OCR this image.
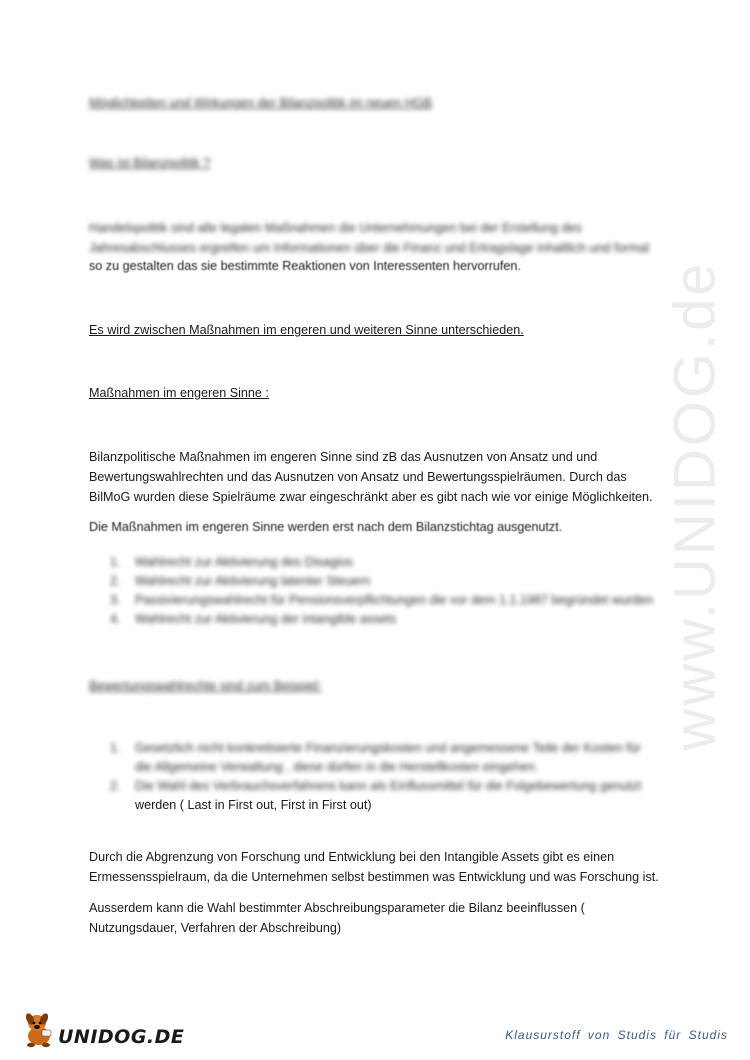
Möglichkeiten und Wirkungen der Bilanzpolitik im neuen HGB

Was ist Bilanzpolitik ?

Handelspolitik sind alle legalen Maßnahmen die Unternehmungen bei der Erstellung des

Jahresabschlusses ergreifen um Informationen über die Finanz und Ertragslage inhaltlich und formal

so zu gestalten das sie bestimmte Reaktionen von Interessenten hervorrufen.

Es wird zwischen Maßnahmen im engeren und weiteren Sinne unterschieden.

Maßnahmen im engeren Sinne :

Bilanzpolitische Maßnahmen im engeren Sinne sind zB das Ausnutzen von Ansatz und und

Bewertungswahlrechten und das Ausnutzen von Ansatz und Bewertungsspielräumen. Durch das

BilMoG wurden diese Spielräume zwar eingeschränkt aber es gibt nach wie vor einige Möglichkeiten.

Die Maßnahmen im engeren Sinne werden erst nach dem Bilanzstichtag ausgenutzt.

1. Wahlrecht zur Aktivierung des Disagios

2. Wahlrecht zur Aktivierung latenter Steuern

3. Passivierungswahlrecht für Pensionsverpflichtungen die vor dem 1.1.1987 begründet wurden

4. Wahlrecht zur Aktivierung der intangible assets

Bewertungswahlrechte sind zum Beispiel:

1. Gesetzlich nicht konkretisierte Finanzierungskosten und angemessene Teile der Kosten für

die Allgemeine Verwaltung , diese dürfen in die Herstellkosten eingehen.

2. Die Wahl des Verbrauchsverfahrens kann als Einflussmittel für die Folgebewertung genutzt

werden ( Last in First out, First in First out)

Durch die Abgrenzung von Forschung und Entwicklung bei den Intangible Assets gibt es einen

Ermessensspielraum, da die Unternehmen selbst bestimmen was Entwicklung und was Forschung ist.

Ausserdem kann die Wahl bestimmter Abschreibungsparameter die Bilanz beeinflussen (

Nutzungsdauer, Verfahren der Abschreibung)

www.UNIDOG.de
UNIDOG.DE	Klausurstoff von Studis für Studis
